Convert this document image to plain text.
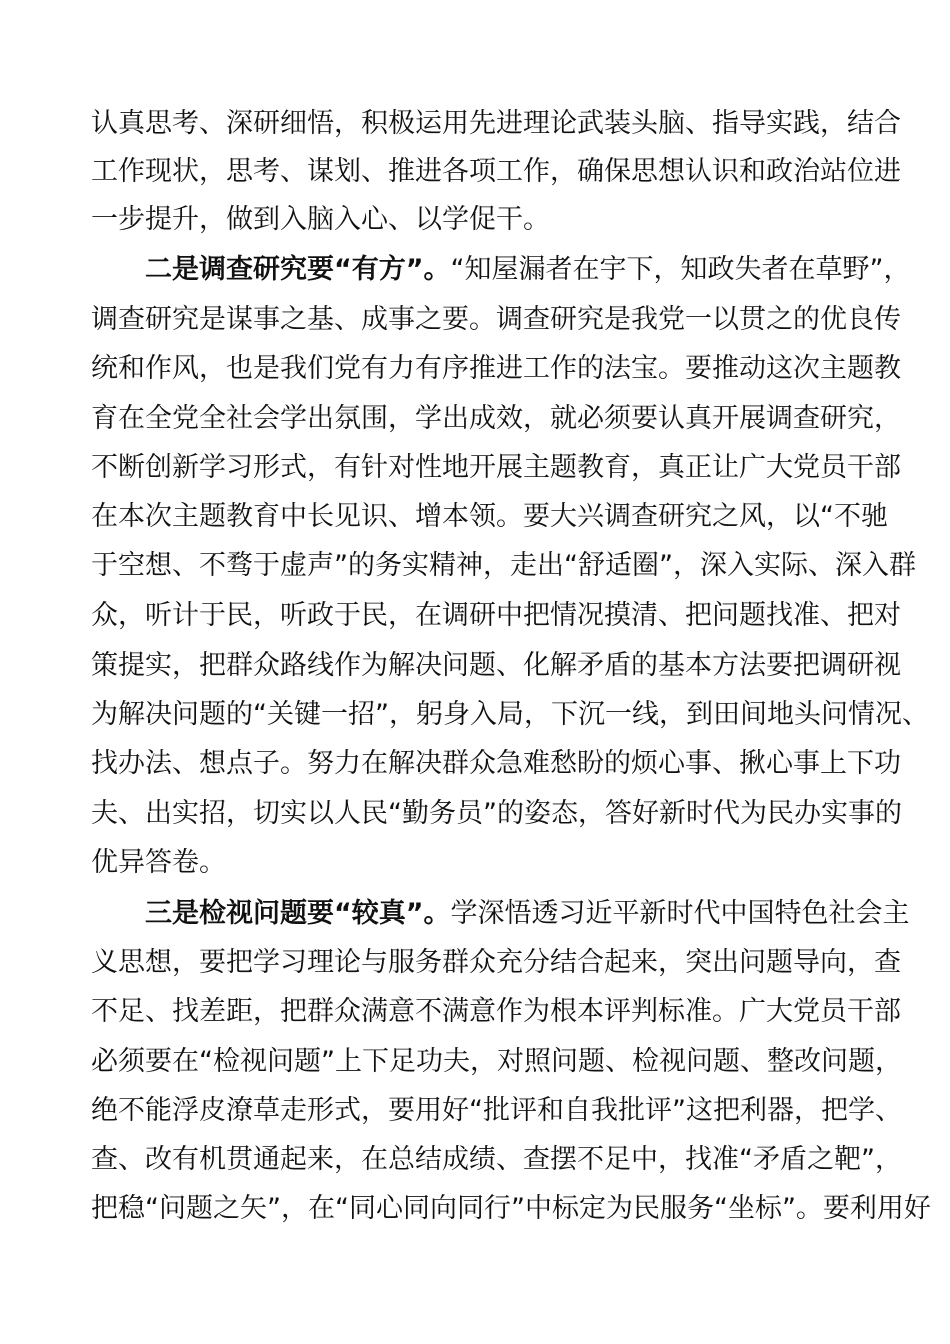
认真思考、深研细悟，积极运用先进理论武装头脑、指导实践，结合
工作现状，思考、谋划、推进各项工作，确保思想认识和政治站位进
一步提升，做到入脑入心、以学促干。
二是调查研究要“有方”。“知屋漏者在宇下，知政失者在草野”，
调查研究是谋事之基、成事之要。调查研究是我党一以贯之的优良传
统和作风，也是我们党有力有序推进工作的法宝。要推动这次主题教
育在全党全社会学出氛围，学出成效，就必须要认真开展调查研究，
不断创新学习形式，有针对性地开展主题教育，真正让广大党员干部
在本次主题教育中长见识、增本领。要大兴调查研究之风，以“不驰
于空想、不骛于虚声”的务实精神，走出“舒适圈”，深入实际、深入群
众，听计于民，听政于民，在调研中把情况摸清、把问题找准、把对
策提实，把群众路线作为解决问题、化解矛盾的基本方法要把调研视
为解决问题的“关键一招”，躬身入局，下沉一线，到田间地头问情况、
找办法、想点子。努力在解决群众急难愁盼的烦心事、揪心事上下功
夫、出实招，切实以人民“勤务员”的姿态，答好新时代为民办实事的
优异答卷。
三是检视问题要“较真”。学深悟透习近平新时代中国特色社会主
义思想，要把学习理论与服务群众充分结合起来，突出问题导向，查
不足、找差距，把群众满意不满意作为根本评判标准。广大党员干部
必须要在“检视问题”上下足功夫，对照问题、检视问题、整改问题，
绝不能浮皮潦草走形式，要用好“批评和自我批评”这把利器，把学、
查、改有机贯通起来，在总结成绩、查摆不足中，找准“矛盾之靶”，
把稳“问题之矢”，在“同心同向同行”中标定为民服务“坐标”。要利用好
